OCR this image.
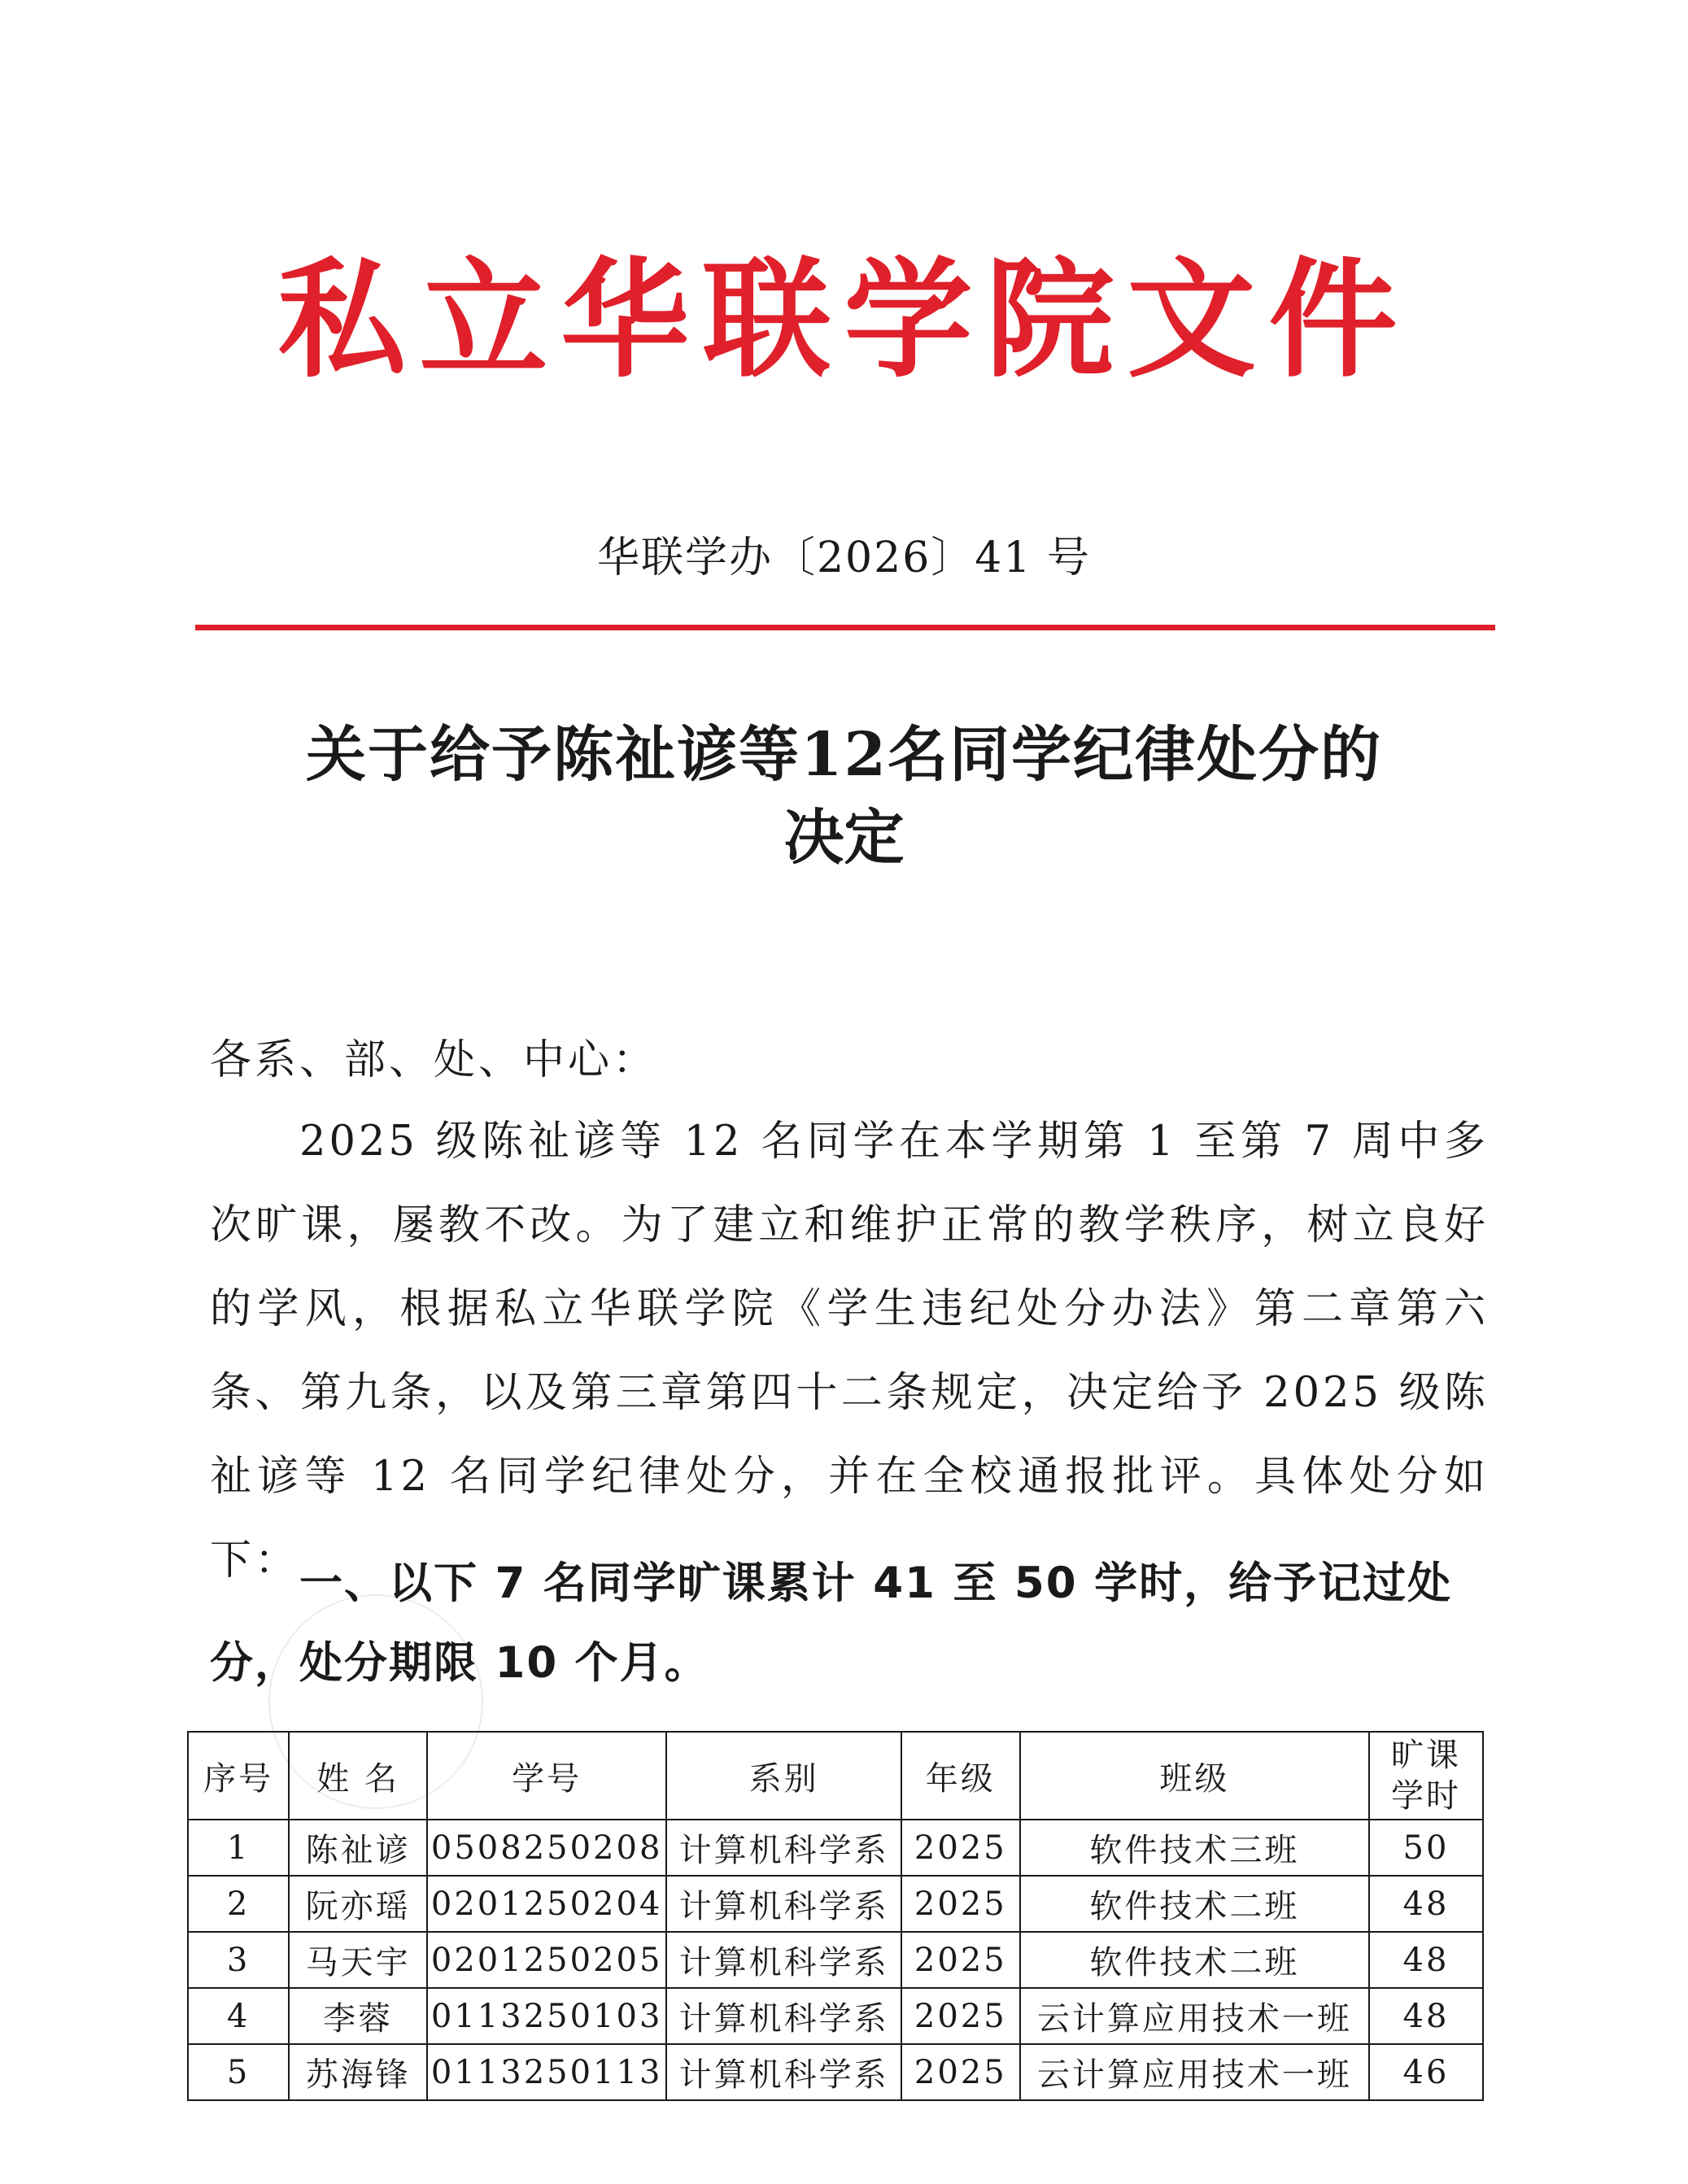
私立华联学院文件
华联学办〔2026〕41 号
关于给予陈祉谚等12名同学纪律处分的
决定
各系、部、处、中心：
2025 级陈祉谚等 12 名同学在本学期第 1 至第 7 周中多次旷课，屡教不改。为了建立和维护正常的教学秩序，树立良好的学风，根据私立华联学院《学生违纪处分办法》第二章第六条、第九条，以及第三章第四十二条规定，决定给予 2025 级陈祉谚等 12 名同学纪律处分，并在全校通报批评。具体处分如下： 一、以下 7 名同学旷课累计 41 至 50 学时，给予记过处分，处分期限 10 个月。
序号	姓 名	学号	系别	年级	班级	旷课
学时

1	陈祉谚	0508250208	计算机科学系	2025	软件技术三班	50
2	阮亦瑶	0201250204	计算机科学系	2025	软件技术二班	48
3	马天宇	0201250205	计算机科学系	2025	软件技术二班	48
4	李蓉	0113250103	计算机科学系	2025	云计算应用技术一班	48
5	苏海锋	0113250113	计算机科学系	2025	云计算应用技术一班	46
